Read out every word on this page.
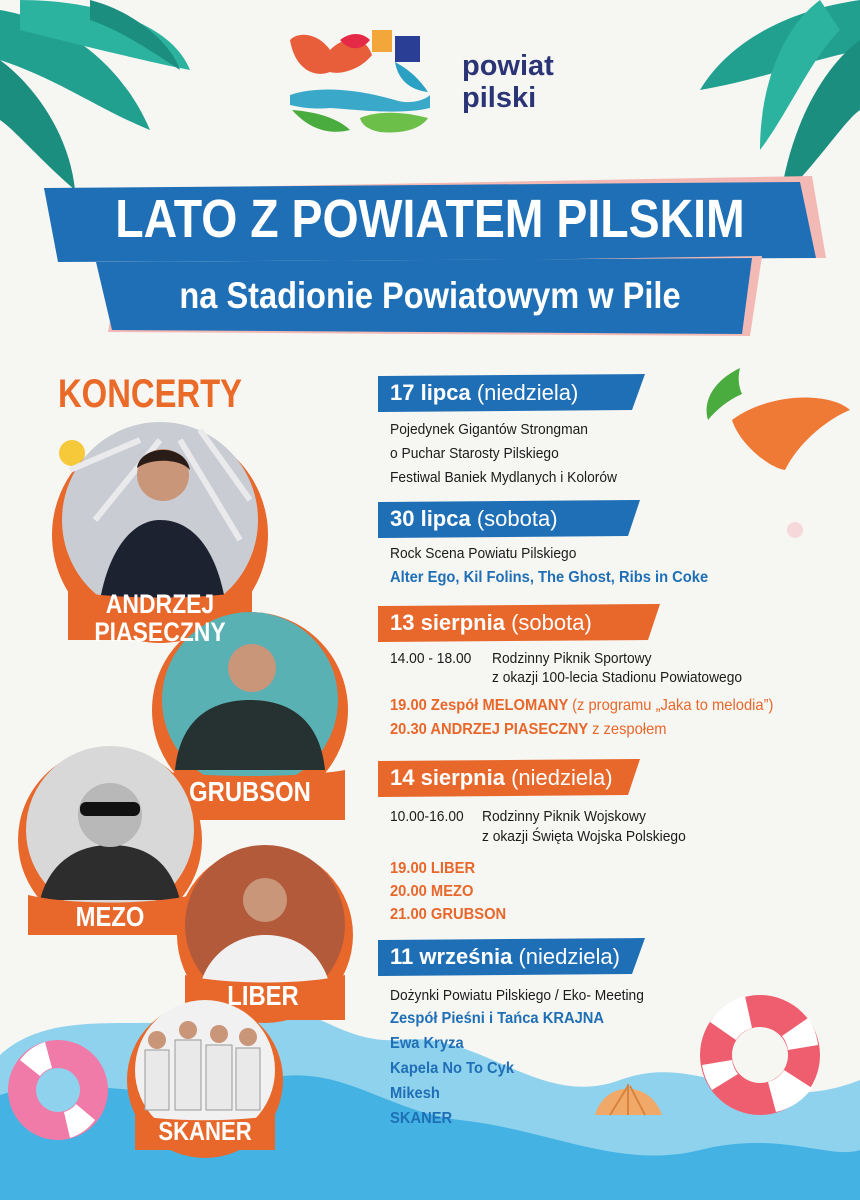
powiat
pilski
LATO Z POWIATEM PILSKIM
na Stadionie Powiatowym w Pile
KONCERTY
ANDRZEJ
PIASECZNY
GRUBSON
MEZO
LIBER
SKANER
17 lipca (niedziela)
Pojedynek Gigantów Strongman
o Puchar Starosty Pilskiego
Festiwal Baniek Mydlanych i Kolorów
30 lipca (sobota)
Rock Scena Powiatu Pilskiego
Alter Ego, Kil Folins, The Ghost, Ribs in Coke
13 sierpnia (sobota)
14.00 - 18.00 Rodzinny Piknik Sportowy
z okazji 100-lecia Stadionu Powiatowego
19.00 Zespół MELOMANY (z programu „Jaka to melodia”)
20.30 ANDRZEJ PIASECZNY z zespołem
14 sierpnia (niedziela)
10.00-16.00 Rodzinny Piknik Wojskowy
z okazji Święta Wojska Polskiego
19.00 LIBER
20.00 MEZO
21.00 GRUBSON
11 września (niedziela)
Dożynki Powiatu Pilskiego / Eko- Meeting
Zespół Pieśni i Tańca KRAJNA
Ewa Kryza
Kapela No To Cyk
Mikesh
SKANER
